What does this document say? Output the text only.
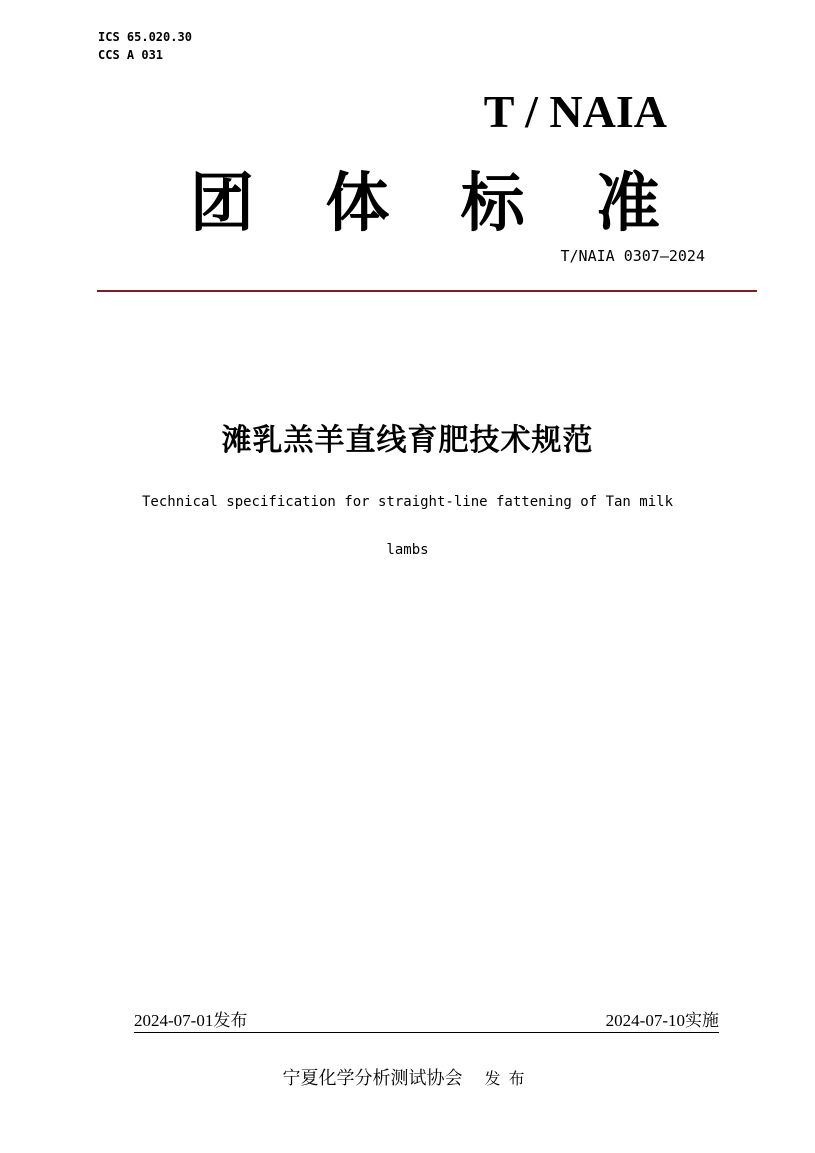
ICS 65.020.30
CCS A 031
T / NAIA
团 体 标 准
T/NAIA 0307—2024
滩乳羔羊直线育肥技术规范
Technical specification for straight-line fattening of Tan milk
lambs
2024-07-01发布	2024-07-10实施
宁夏化学分析测试协会 发布
